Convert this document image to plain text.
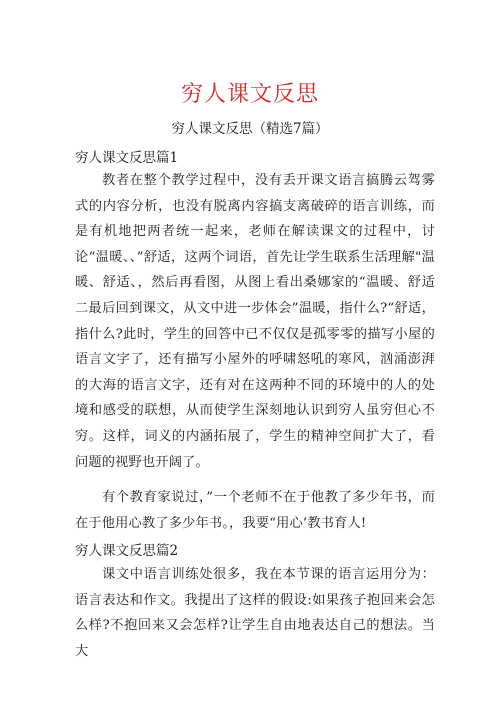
穷人课文反思
穷人课文反思（精选7篇）
穷人课文反思篇1
教者在整个教学过程中，没有丢开课文语言搞腾云驾雾式的内容分析，也没有脱离内容搞支离破碎的语言训练，而是有机地把两者统一起来，老师在解读课文的过程中，讨论“温暖、、”舒适，这两个词语，首先让学生联系生活理解"温暖、舒适、，然后再看图，从图上看出桑娜家的“温暖、舒适二最后回到课文，从文中进一步体会”温暖，指什么?“舒适，指什么?此时，学生的回答中已不仅仅是孤零零的描写小屋的语言文字了，还有描写小屋外的呼啸怒吼的寒风，汹涌澎湃的大海的语言文字，还有对在这两种不同的环境中的人的处境和感受的联想，从而使学生深刻地认识到穷人虽穷但心不穷。这样，词义的内涵拓展了，学生的精神空间扩大了，看问题的视野也开阔了。
有个教育家说过，”一个老师不在于他教了多少年书，而在于他用心教了多少年书。，我要“用心’教书育人!
穷人课文反思篇2
课文中语言训练处很多，我在本节课的语言运用分为：语言表达和作文。我提出了这样的假设:如果孩子抱回来会怎么样?不抱回来又会怎样?让学生自由地表达自己的想法。当大
